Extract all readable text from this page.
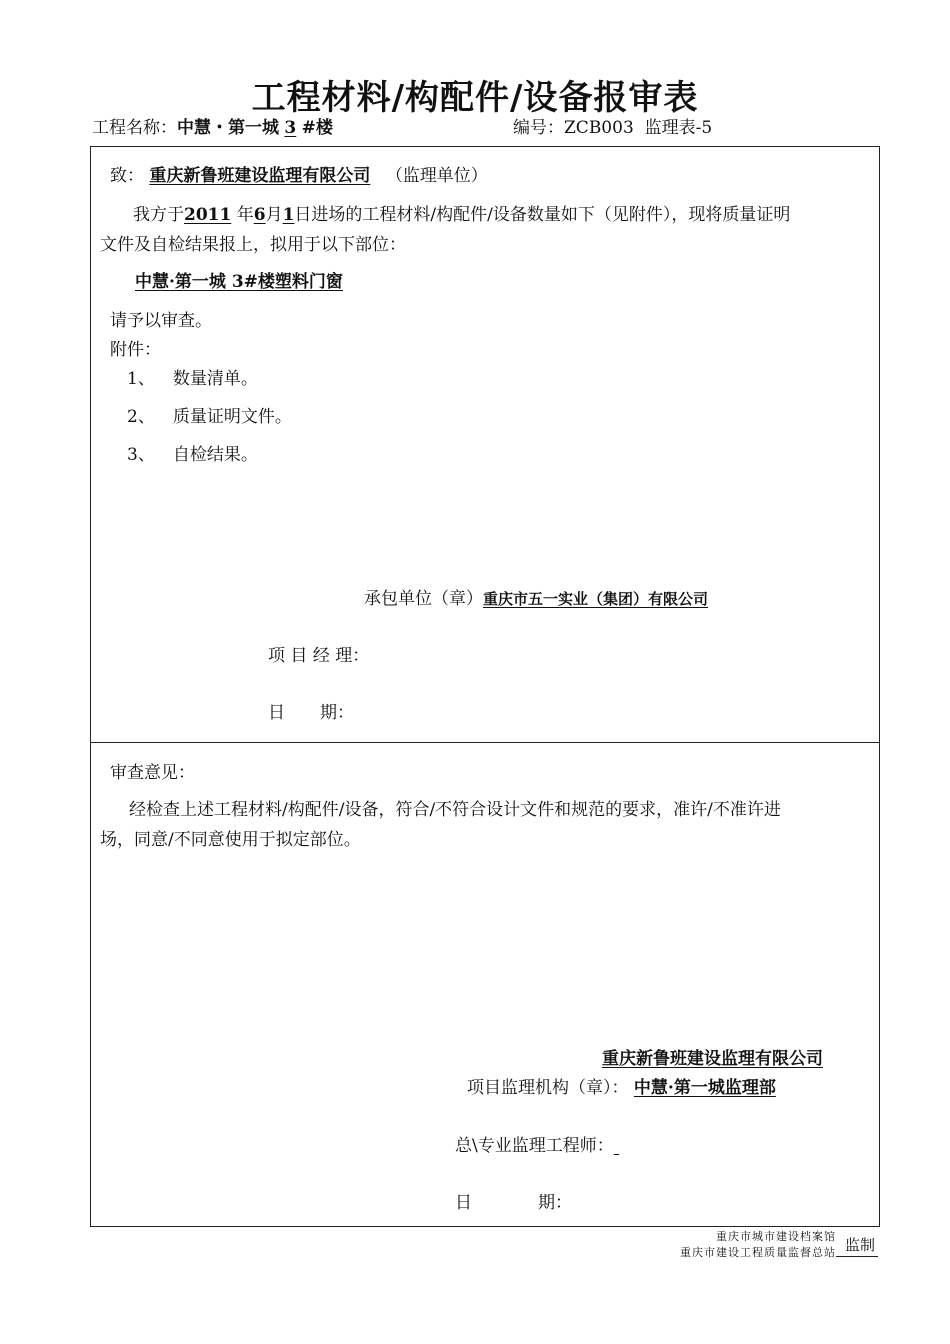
工程材料/构配件/设备报审表
工程名称：中慧・第一城 3 #楼	编号：ZCB003 监理表-5
致： 重庆新鲁班建设监理有限公司 （监理单位）
我方于2011 年6月1日进场的工程材料/构配件/设备数量如下（见附件），现将质量证明
文件及自检结果报上，拟用于以下部位：
中慧·第一城 3#楼塑料门窗
请予以审查。
附件：
1、 数量清单。
2、 质量证明文件。
3、 自检结果。
承包单位（章）重庆市五一实业（集团）有限公司
项 目 经 理：
日 期：
审查意见：
经检查上述工程材料/构配件/设备，符合/不符合设计文件和规范的要求，准许/不准许进
场，同意/不同意使用于拟定部位。
重庆新鲁班建设监理有限公司
项目监理机构（章）： 中慧·第一城监理部
总\专业监理工程师：
日	期：
重庆市城市建设档案馆
重庆市建设工程质量监督总站 监制
